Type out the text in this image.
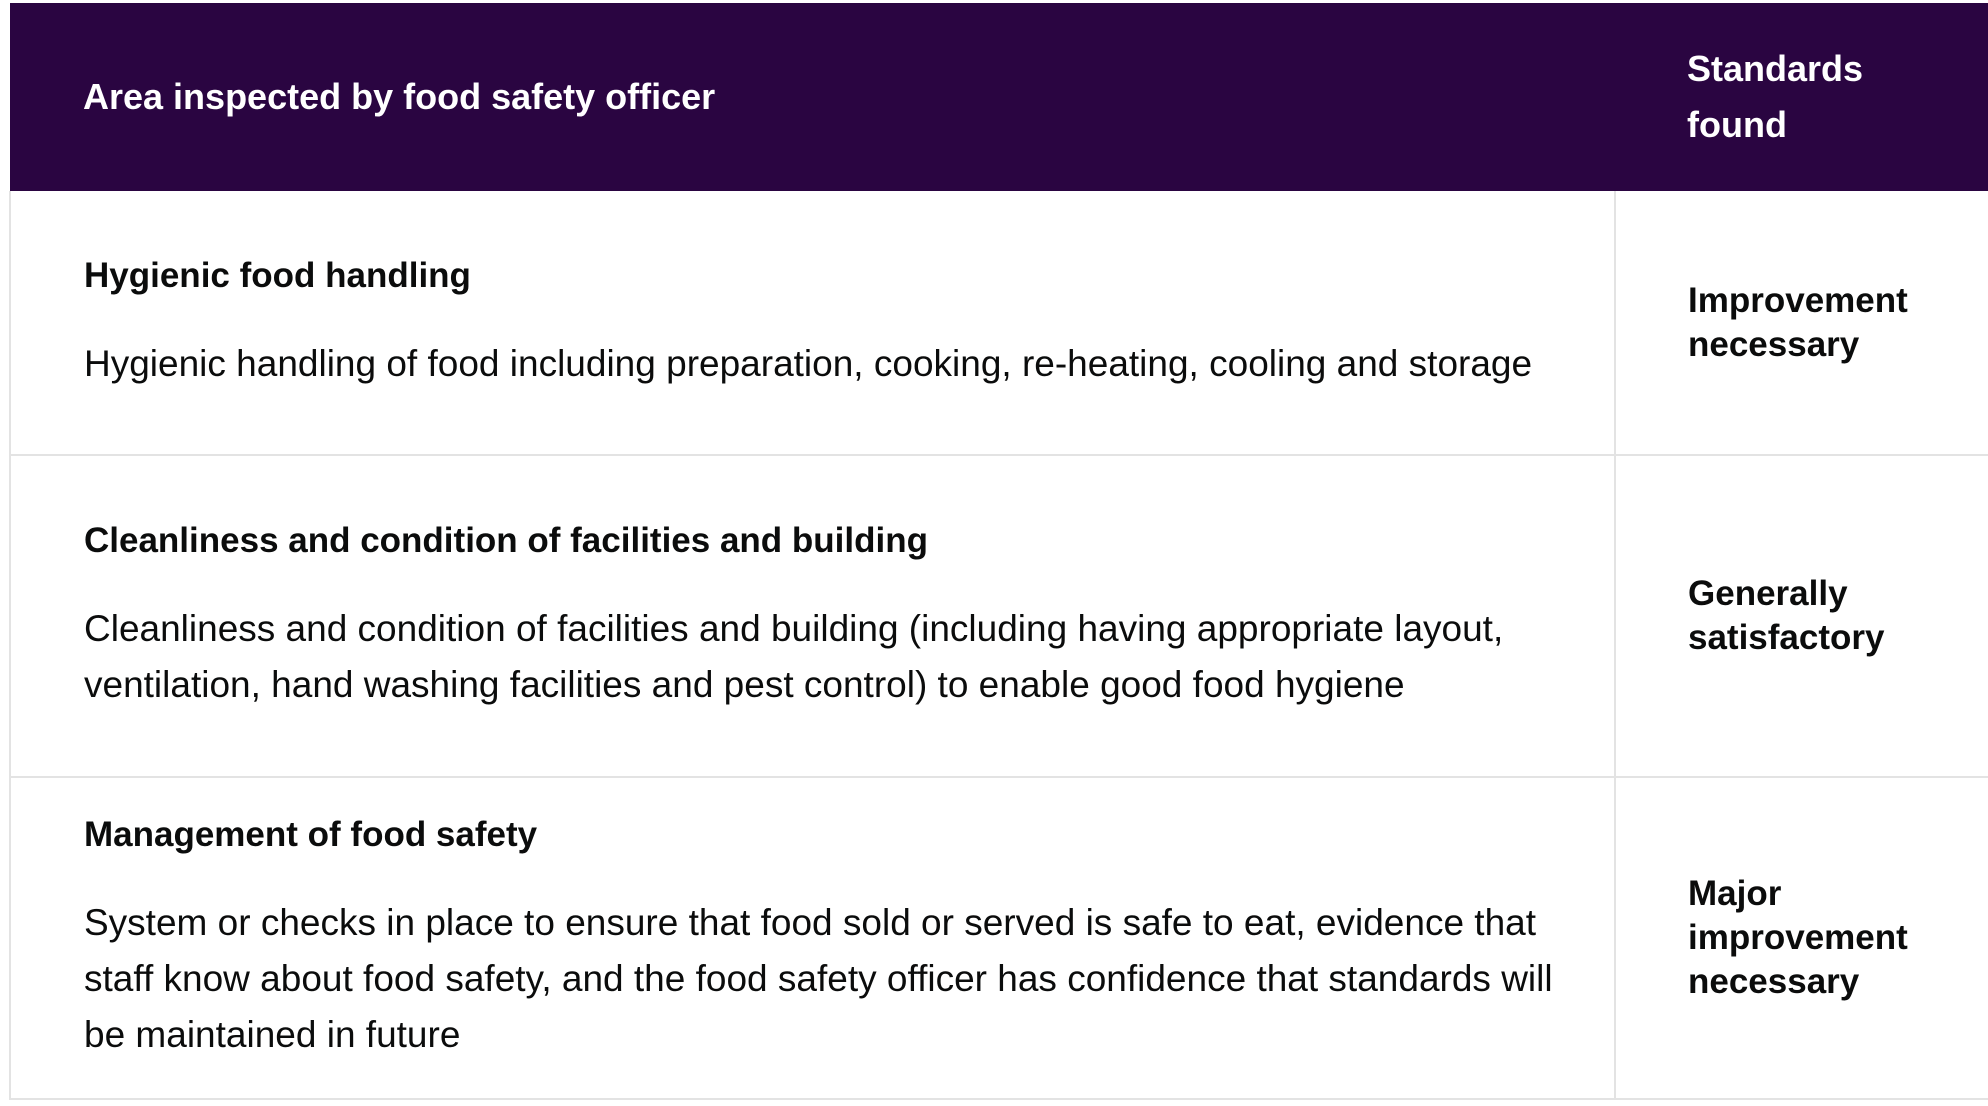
Area inspected by food safety officer	Standards found

Hygienic food handling

Hygienic handling of food including preparation, cooking, re-heating, cooling and storage	Improvement necessary

Cleanliness and condition of facilities and building

Cleanliness and condition of facilities and building (including having appropriate layout, ventilation, hand washing facilities and pest control) to enable good food hygiene	Generally satisfactory

Management of food safety

System or checks in place to ensure that food sold or served is safe to eat, evidence that staff know about food safety, and the food safety officer has confidence that standards will be maintained in future	Major improvement necessary
